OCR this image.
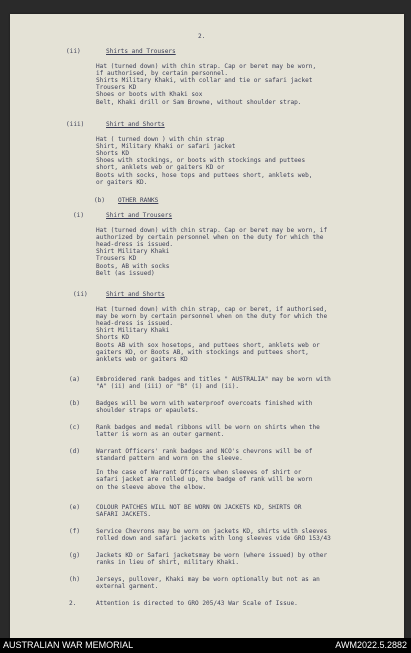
2.
(ii)	Shirts and Trousers
Hat (turned down) with chin strap. Cap or beret may be worn,
if authorised, by certain personnel.
Shirts Military Khaki, with collar and tie or safari jacket
Trousers KD
Shoes or boots with Khaki sox
Belt, Khaki drill or Sam Browne, without shoulder strap.
(iii)	Shirt and Shorts
Hat ( turned down ) with chin strap
Shirt, Military Khaki or safari jacket
Shorts KD
Shoes with stockings, or boots with stockings and puttees
short, anklets web or gaiters KD or
Boots with socks, hose tops and puttees short, anklets web,
or gaiters KD.
(b) OTHER RANKS
(i)	Shirt and Trousers
Hat (turned down) with chin strap. Cap or beret may be worn, if
authorized by certain personnel when on the duty for which the
head-dress is issued.
Shirt Military Khaki
Trousers KD
Boots, AB with socks
Belt (as issued)
(ii)	Shirt and Shorts
Hat (turned down) with chin strap, cap or beret, if authorised,
may be worn by certain personnel when on the duty for which the
head-dress is issued.
Shirt Military Khaki
Shorts KD
Boots AB with sox hosetops, and puttees short, anklets web or
gaiters KD, or Boots AB, with stockings and puttees short,
anklets web or gaiters KD
(a)	Embroidered rank badges and titles " AUSTRALIA" may be worn with
"A" (ii) and (iii) or "B" (i) and (ii).
(b)	Badges will be worn with waterproof overcoats finished with
shoulder straps or epaulets.
(c)	Rank badges and medal ribbons will be worn on shirts when the
latter is worn as an outer garment.
(d)	Warrant Officers' rank badges and NCO's chevrons will be of
standard pattern and worn on the sleeve.
In the case of Warrant Officers when sleeves of shirt or
safari jacket are rolled up, the badge of rank will be worn
on the sleeve above the elbow.
(e)	COLOUR PATCHES WILL NOT BE WORN ON JACKETS KD, SHIRTS OR
SAFARI JACKETS.
(f)	Service Chevrons may be worn on jackets KD, shirts with sleeves
rolled down and safari jackets with long sleeves vide GRO 153/43
(g)	Jackets KD or Safari jacketsmay be worn (where issued) by other
ranks in lieu of shirt, military Khaki.
(h)	Jerseys, pullover, Khaki may be worn optionally but not as an
external garment.
2.	Attention is directed to GRO 205/43 War Scale of Issue.
AUSTRALIAN WAR MEMORIAL	AWM2022.5.2882
